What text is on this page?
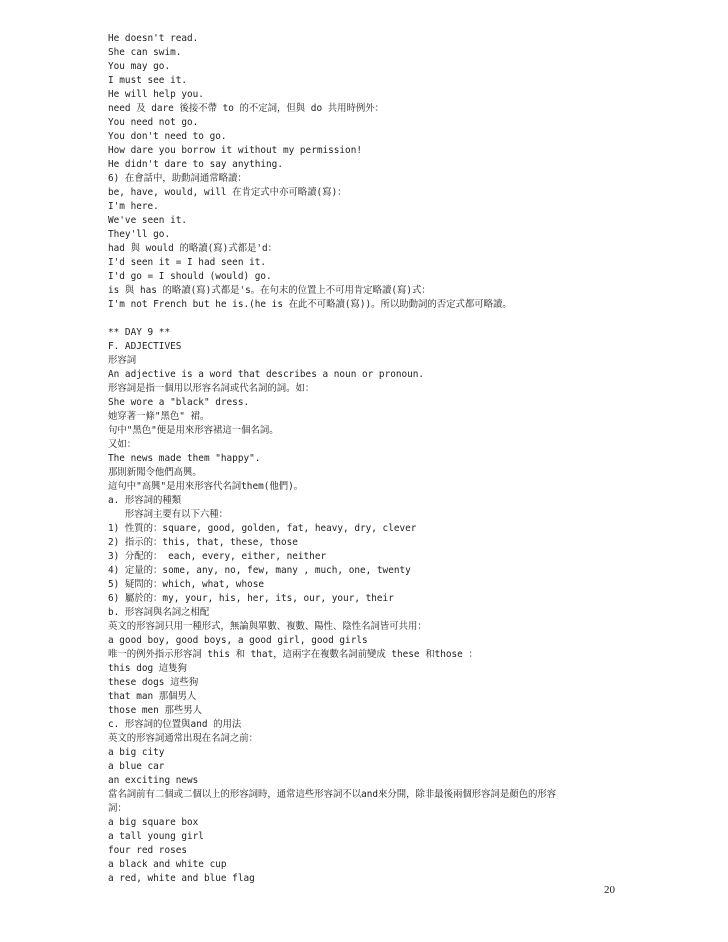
He doesn't read.
She can swim.
You may go.
I must see it.
He will help you.
need 及 dare 後接不帶 to 的不定詞，但與 do 共用時例外：
You need not go.
You don't need to go.
How dare you borrow it without my permission!
He didn't dare to say anything.
6) 在會話中，助動詞通常略讀：
be, have, would, will 在肯定式中亦可略讀(寫)：
I'm here.
We've seen it.
They'll go.
had 與 would 的略讀(寫)式都是'd：
I'd seen it = I had seen it.
I'd go = I should (would) go.
is 與 has 的略讀(寫)式都是's。在句末的位置上不可用肯定略讀(寫)式：
I'm not French but he is.(he is 在此不可略讀(寫))。所以助動詞的否定式都可略讀。
** DAY 9 **
F. ADJECTIVES
形容詞
An adjective is a word that describes a noun or pronoun.
形容詞是指一個用以形容名詞或代名詞的詞。如：
She wore a "black" dress.
她穿著一條"黑色" 裙。
句中"黑色"便是用來形容裙這一個名詞。
又如：
The news made them "happy".
那則新聞令他們高興。
這句中"高興"是用來形容代名詞them(他們)。
a. 形容詞的種類
形容詞主要有以下六種：
1) 性質的：square, good, golden, fat, heavy, dry, clever
2) 指示的：this, that, these, those
3) 分配的： each, every, either, neither
4) 定量的：some, any, no, few, many , much, one, twenty
5) 疑問的：which, what, whose
6) 屬於的：my, your, his, her, its, our, your, their
b. 形容詞與名詞之相配
英文的形容詞只用一種形式，無論與單數、複數、陽性、陰性名詞皆可共用：
a good boy, good boys, a good girl, good girls
唯一的例外指示形容詞 this 和 that，這兩字在複數名詞前變成 these 和those ：
this dog 這隻狗
these dogs 這些狗
that man 那個男人
those men 那些男人
c. 形容詞的位置與and 的用法
英文的形容詞通常出現在名詞之前：
a big city
a blue car
an exciting news
當名詞前有二個或二個以上的形容詞時，通常這些形容詞不以and來分開，除非最後兩個形容詞是顏色的形容
詞：
a big square box
a tall young girl
four red roses
a black and white cup
a red, white and blue flag
20
